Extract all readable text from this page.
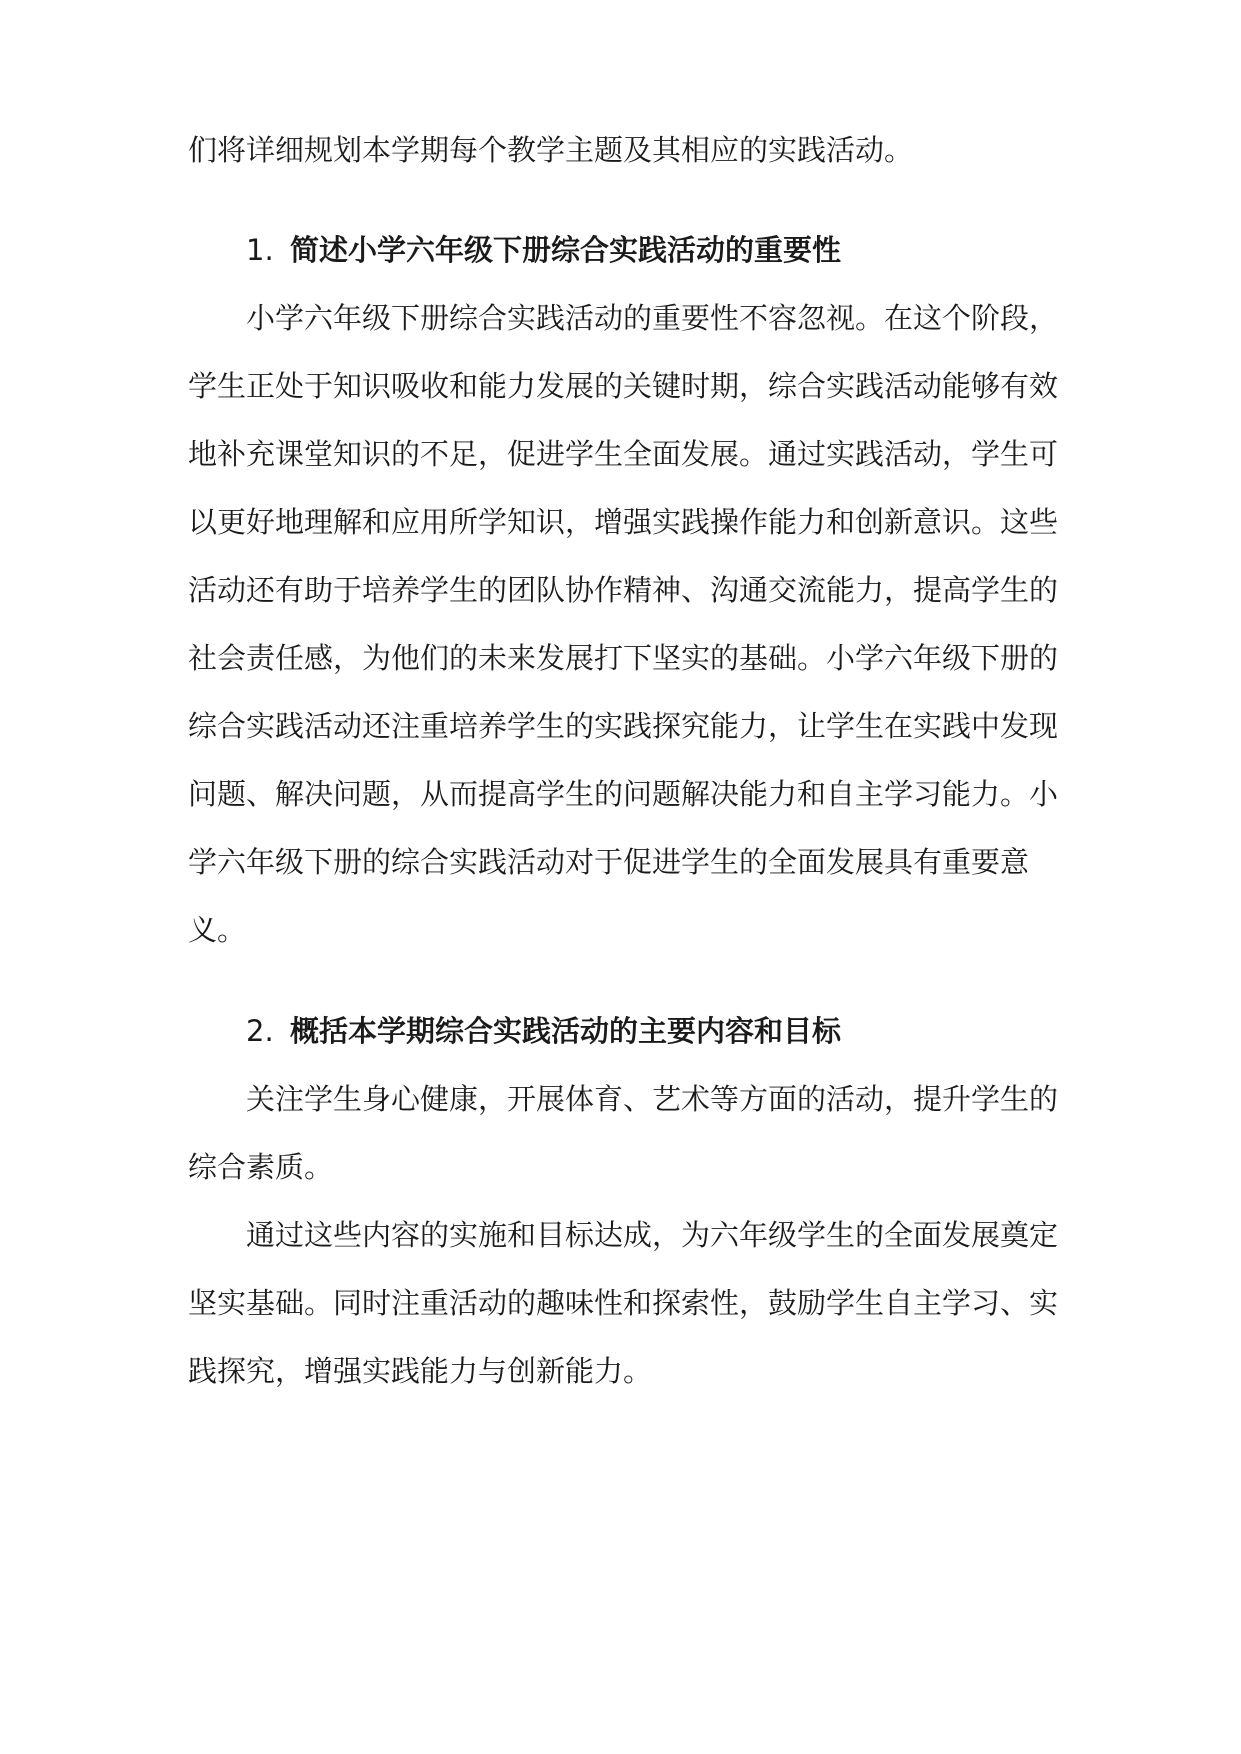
们将详细规划本学期每个教学主题及其相应的实践活动。
1. 简述小学六年级下册综合实践活动的重要性
小学六年级下册综合实践活动的重要性不容忽视。在这个阶段，
学生正处于知识吸收和能力发展的关键时期，综合实践活动能够有效
地补充课堂知识的不足，促进学生全面发展。通过实践活动，学生可
以更好地理解和应用所学知识，增强实践操作能力和创新意识。这些
活动还有助于培养学生的团队协作精神、沟通交流能力，提高学生的
社会责任感，为他们的未来发展打下坚实的基础。小学六年级下册的
综合实践活动还注重培养学生的实践探究能力，让学生在实践中发现
问题、解决问题，从而提高学生的问题解决能力和自主学习能力。小
学六年级下册的综合实践活动对于促进学生的全面发展具有重要意
义。
2. 概括本学期综合实践活动的主要内容和目标
关注学生身心健康，开展体育、艺术等方面的活动，提升学生的
综合素质。
通过这些内容的实施和目标达成，为六年级学生的全面发展奠定
坚实基础。同时注重活动的趣味性和探索性，鼓励学生自主学习、实
践探究，增强实践能力与创新能力。
